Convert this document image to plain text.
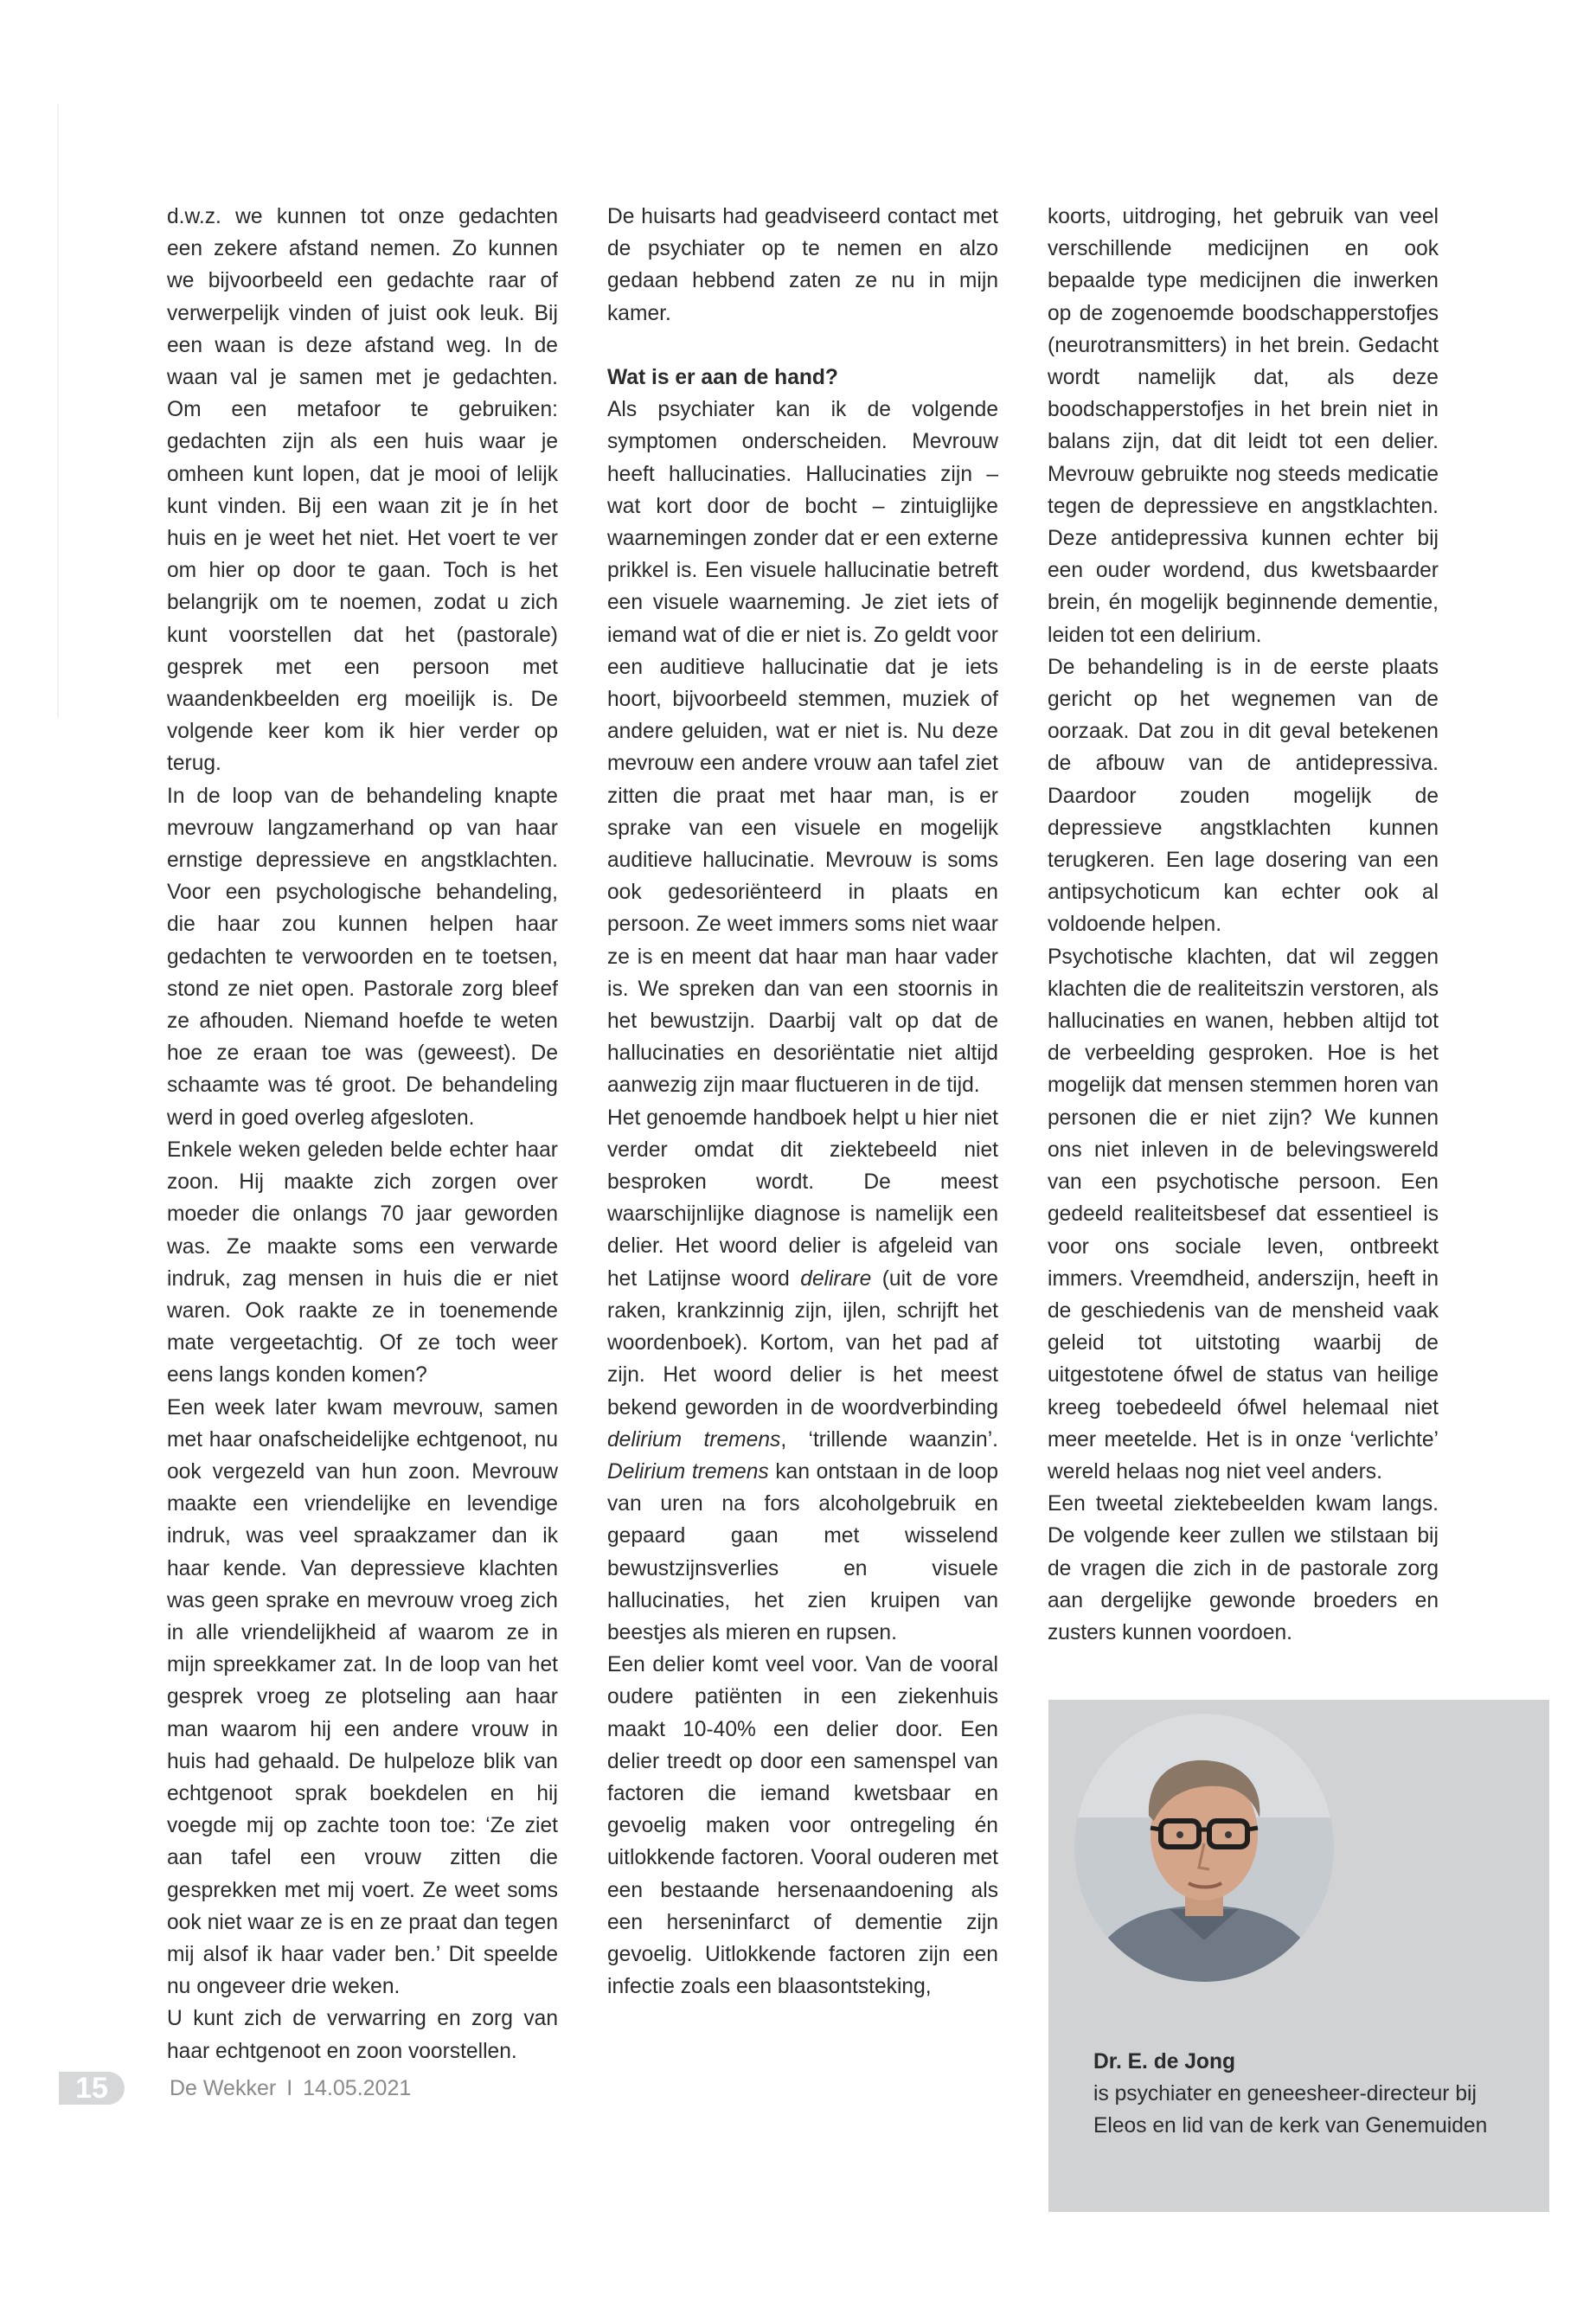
d.w.z. we kunnen tot onze gedachten een zekere afstand nemen. Zo kunnen we bijvoorbeeld een gedachte raar of verwerpelijk vinden of juist ook leuk. Bij een waan is deze afstand weg. In de waan val je samen met je gedachten. Om een metafoor te gebruiken: gedachten zijn als een huis waar je omheen kunt lopen, dat je mooi of lelijk kunt vinden. Bij een waan zit je ín het huis en je weet het niet. Het voert te ver om hier op door te gaan. Toch is het belangrijk om te noemen, zodat u zich kunt voorstellen dat het (pastorale) gesprek met een persoon met waandenkbeelden erg moeilijk is. De volgende keer kom ik hier verder op terug.

In de loop van de behandeling knapte mevrouw langzamerhand op van haar ernstige depressieve en angstklachten. Voor een psychologische behandeling, die haar zou kunnen helpen haar gedachten te verwoorden en te toetsen, stond ze niet open. Pastorale zorg bleef ze afhouden. Niemand hoefde te weten hoe ze eraan toe was (geweest). De schaamte was té groot. De behandeling werd in goed overleg afgesloten.

Enkele weken geleden belde echter haar zoon. Hij maakte zich zorgen over moeder die onlangs 70 jaar geworden was. Ze maakte soms een verwarde indruk, zag mensen in huis die er niet waren. Ook raakte ze in toenemende mate vergeetachtig. Of ze toch weer eens langs konden komen?

Een week later kwam mevrouw, samen met haar onafscheidelijke echtgenoot, nu ook vergezeld van hun zoon. Mevrouw maakte een vriendelijke en levendige indruk, was veel spraakzamer dan ik haar kende. Van depressieve klachten was geen sprake en mevrouw vroeg zich in alle vriendelijkheid af waarom ze in mijn spreekkamer zat. In de loop van het gesprek vroeg ze plotseling aan haar man waarom hij een andere vrouw in huis had gehaald. De hulpeloze blik van echtgenoot sprak boekdelen en hij voegde mij op zachte toon toe: ‘Ze ziet aan tafel een vrouw zitten die gesprekken met mij voert. Ze weet soms ook niet waar ze is en ze praat dan tegen mij alsof ik haar vader ben.’ Dit speelde nu ongeveer drie weken.

U kunt zich de verwarring en zorg van haar echtgenoot en zoon voorstellen.

De huisarts had geadviseerd contact met de psychiater op te nemen en alzo gedaan hebbend zaten ze nu in mijn kamer.

Wat is er aan de hand?

Als psychiater kan ik de volgende symptomen onderscheiden. Mevrouw heeft hallucinaties. Hallucinaties zijn – wat kort door de bocht – zintuiglijke waarnemingen zonder dat er een externe prikkel is. Een visuele hallucinatie betreft een visuele waarneming. Je ziet iets of iemand wat of die er niet is. Zo geldt voor een auditieve hallucinatie dat je iets hoort, bijvoorbeeld stemmen, muziek of andere geluiden, wat er niet is. Nu deze mevrouw een andere vrouw aan tafel ziet zitten die praat met haar man, is er sprake van een visuele en mogelijk auditieve hallucinatie. Mevrouw is soms ook gedesoriënteerd in plaats en persoon. Ze weet immers soms niet waar ze is en meent dat haar man haar vader is. We spreken dan van een stoornis in het bewustzijn. Daarbij valt op dat de hallucinaties en desoriëntatie niet altijd aanwezig zijn maar fluctueren in de tijd.

Het genoemde handboek helpt u hier niet verder omdat dit ziektebeeld niet besproken wordt. De meest waarschijnlijke diagnose is namelijk een delier. Het woord delier is afgeleid van het Latijnse woord delirare (uit de vore raken, krankzinnig zijn, ijlen, schrijft het woordenboek). Kortom, van het pad af zijn. Het woord delier is het meest bekend geworden in de woordverbinding delirium tremens, ‘trillende waanzin’. Delirium tremens kan ontstaan in de loop van uren na fors alcoholgebruik en gepaard gaan met wisselend bewustzijnsverlies en visuele hallucinaties, het zien kruipen van beestjes als mieren en rupsen.

Een delier komt veel voor. Van de vooral oudere patiënten in een ziekenhuis maakt 10-40% een delier door. Een delier treedt op door een samenspel van factoren die iemand kwetsbaar en gevoelig maken voor ontregeling én uitlokkende factoren. Vooral ouderen met een bestaande hersenaandoening als een herseninfarct of dementie zijn gevoelig. Uitlokkende factoren zijn een infectie zoals een blaasontsteking,

koorts, uitdroging, het gebruik van veel verschillende medicijnen en ook bepaalde type medicijnen die inwerken op de zogenoemde boodschapperstofjes (neurotransmitters) in het brein. Gedacht wordt namelijk dat, als deze boodschapperstofjes in het brein niet in balans zijn, dat dit leidt tot een delier. Mevrouw gebruikte nog steeds medicatie tegen de depressieve en angstklachten. Deze antidepressiva kunnen echter bij een ouder wordend, dus kwetsbaarder brein, én mogelijk beginnende dementie, leiden tot een delirium.

De behandeling is in de eerste plaats gericht op het wegnemen van de oorzaak. Dat zou in dit geval betekenen de afbouw van de antidepressiva. Daardoor zouden mogelijk de depressieve angstklachten kunnen terugkeren. Een lage dosering van een antipsychoticum kan echter ook al voldoende helpen.

Psychotische klachten, dat wil zeggen klachten die de realiteitszin verstoren, als hallucinaties en wanen, hebben altijd tot de verbeelding gesproken. Hoe is het mogelijk dat mensen stemmen horen van personen die er niet zijn? We kunnen ons niet inleven in de belevingswereld van een psychotische persoon. Een gedeeld realiteitsbesef dat essentieel is voor ons sociale leven, ontbreekt immers. Vreemdheid, anderszijn, heeft in de geschiedenis van de mensheid vaak geleid tot uitstoting waarbij de uitgestotene ófwel de status van heilige kreeg toebedeeld ófwel helemaal niet meer meetelde. Het is in onze ‘verlichte’ wereld helaas nog niet veel anders.

Een tweetal ziektebeelden kwam langs. De volgende keer zullen we stilstaan bij de vragen die zich in de pastorale zorg aan dergelijke gewonde broeders en zusters kunnen voordoen.

Dr. E. de Jong
is psychiater en geneesheer-directeur bij Eleos en lid van de kerk van Genemuiden
15	De Wekker I 14.05.2021
